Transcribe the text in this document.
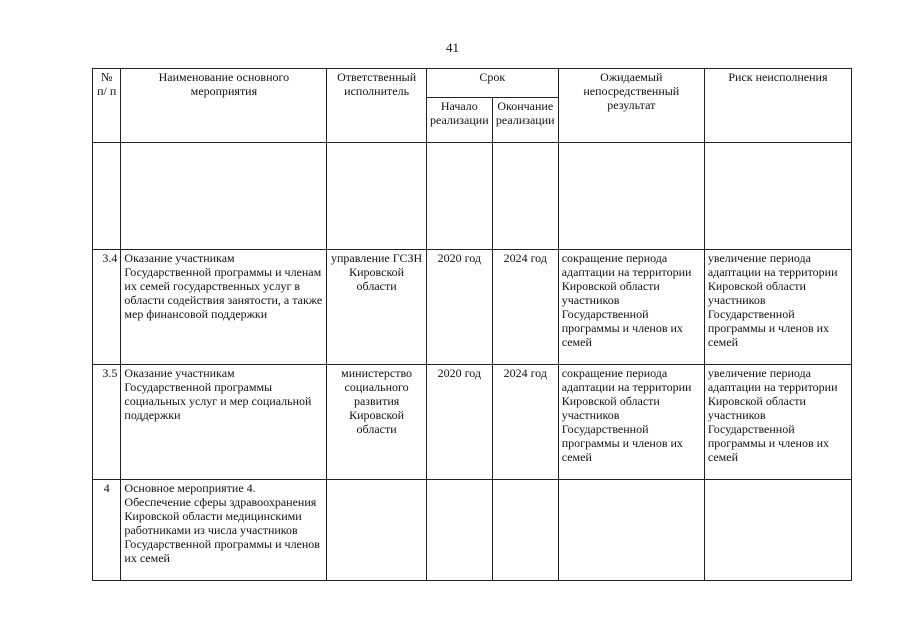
41
№ п/ п	Наименование основного мероприятия	Ответственный исполнитель	Срок		Ожидаемый непосредственный результат	Риск неисполнения
			Начало реализации	Окончание реализации		

3.4	Оказание участникам Государственной программы и членам их семей государственных услуг в области содействия занятости, а также мер финансовой поддержки	управление ГСЗН Кировской области	2020 год	2024 год	сокращение периода адаптации на территории Кировской области участников Государственной программы и членов их семей	увеличение периода адаптации на территории Кировской области участников Государственной программы и членов их семей
3.5	Оказание участникам Государственной программы социальных услуг и мер социальной поддержки	министерство социального развития Кировской области	2020 год	2024 год	сокращение периода адаптации на территории Кировской области участников Государственной программы и членов их семей	увеличение периода адаптации на территории Кировской области участников Государственной программы и членов их семей
4	Основное мероприятие 4. Обеспечение сферы здравоохранения Кировской области медицинскими работниками из числа участников Государственной программы и членов их семей					
